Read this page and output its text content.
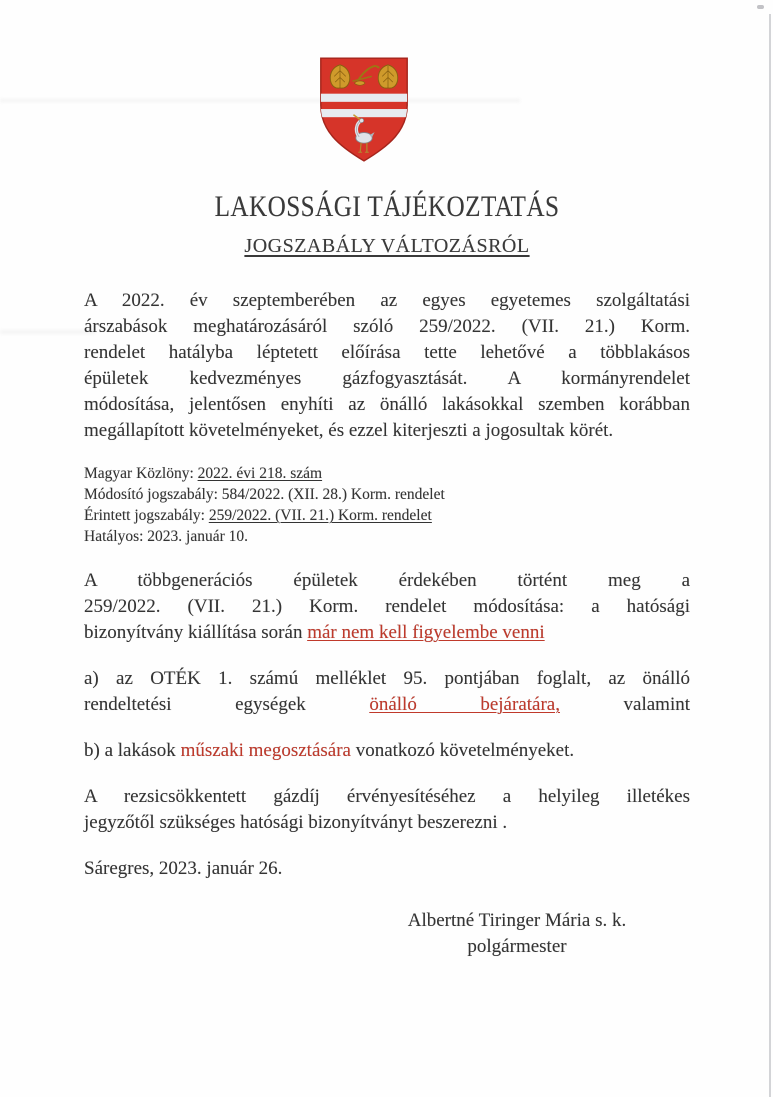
LAKOSSÁGI TÁJÉKOZTATÁS
JOGSZABÁLY VÁLTOZÁSRÓL
A 2022. év szeptemberében az egyes egyetemes szolgáltatási
árszabások meghatározásáról szóló 259/2022. (VII. 21.) Korm.
rendelet hatályba léptetett előírása tette lehetővé a többlakásos
épületek kedvezményes gázfogyasztását. A kormányrendelet
módosítása, jelentősen enyhíti az önálló lakásokkal szemben korábban
megállapított követelményeket, és ezzel kiterjeszti a jogosultak körét.
Magyar Közlöny: 2022. évi 218. szám
Módosító jogszabály: 584/2022. (XII. 28.) Korm. rendelet
Érintett jogszabály: 259/2022. (VII. 21.) Korm. rendelet
Hatályos: 2023. január 10.
A többgenerációs épületek érdekében történt meg a
259/2022. (VII. 21.) Korm. rendelet módosítása: a hatósági
bizonyítvány kiállítása során már nem kell figyelembe venni
a) az OTÉK 1. számú melléklet 95. pontjában foglalt, az önálló
rendeltetési egységek önálló bejáratára, valamint
b) a lakások műszaki megosztására vonatkozó követelményeket.
A rezsicsökkentett gázdíj érvényesítéséhez a helyileg illetékes
jegyzőtől szükséges hatósági bizonyítványt beszerezni .
Sáregres, 2023. január 26.
Albertné Tiringer Mária s. k.
polgármester
